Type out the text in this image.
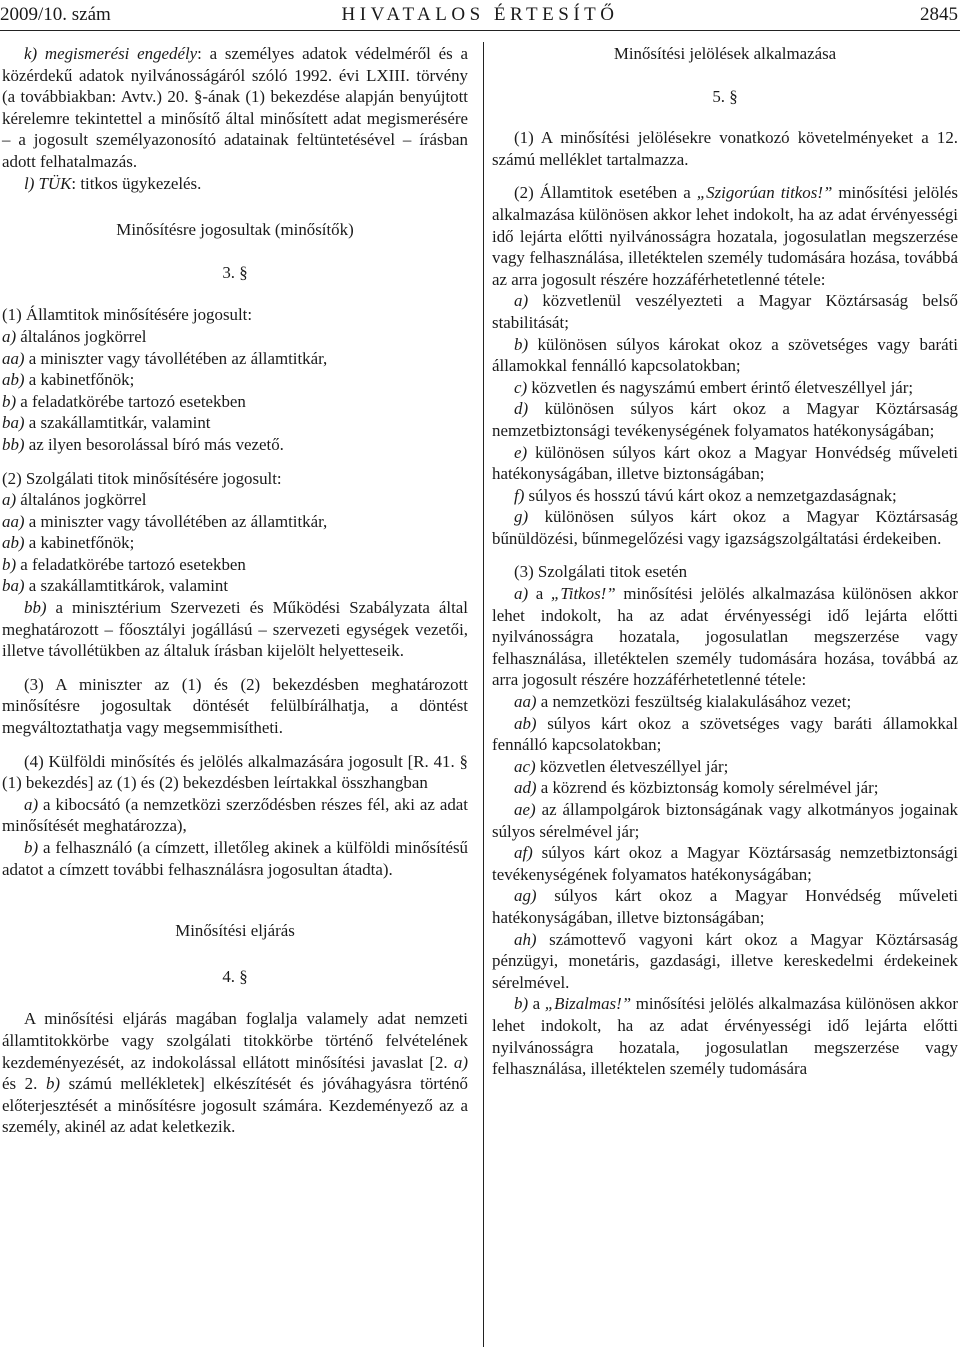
2009/10. szám	HIVATALOS ÉRTESÍTŐ	2845

k) megismerési engedély: a személyes adatok védelméről és a közérdekű adatok nyilvánosságáról szóló 1992. évi LXIII. törvény (a továbbiakban: Avtv.) 20. §-ának (1) bekezdése alapján benyújtott kérelemre tekintettel a minősítő által minősített adat megismerésére – a jogosult személyazonosító adatainak feltüntetésével – írásban adott felhatalmazás.

l) TÜK: titkos ügykezelés.

Minősítésre jogosultak (minősítők)

3. §

(1) Államtitok minősítésére jogosult:

a) általános jogkörrel

aa) a miniszter vagy távollétében az államtitkár,

ab) a kabinetfőnök;

b) a feladatkörébe tartozó esetekben

ba) a szakállamtitkár, valamint

bb) az ilyen besorolással bíró más vezető.

(2) Szolgálati titok minősítésére jogosult:

a) általános jogkörrel

aa) a miniszter vagy távollétében az államtitkár,

ab) a kabinetfőnök;

b) a feladatkörébe tartozó esetekben

ba) a szakállamtitkárok, valamint

bb) a minisztérium Szervezeti és Működési Szabályzata által meghatározott – főosztályi jogállású – szervezeti egységek vezetői, illetve távollétükben az általuk írásban kijelölt helyetteseik.

(3) A miniszter az (1) és (2) bekezdésben meghatározott minősítésre jogosultak döntését felülbírálhatja, a döntést megváltoztathatja vagy megsemmisítheti.

(4) Külföldi minősítés és jelölés alkalmazására jogosult [R. 41. § (1) bekezdés] az (1) és (2) bekezdésben leírtakkal összhangban

a) a kibocsátó (a nemzetközi szerződésben részes fél, aki az adat minősítését meghatározza),

b) a felhasználó (a címzett, illetőleg akinek a külföldi minősítésű adatot a címzett további felhasználásra jogosultan átadta).

Minősítési eljárás

4. §

A minősítési eljárás magában foglalja valamely adat nemzeti államtitokkörbe vagy szolgálati titokkörbe történő felvételének kezdeményezését, az indokolással ellátott minősítési javaslat [2. a) és 2. b) számú mellékletek] elkészítését és jóváhagyásra történő előterjesztését a minősítésre jogosult számára. Kezdeményező az a személy, akinél az adat keletkezik.

Minősítési jelölések alkalmazása

5. §

(1) A minősítési jelölésekre vonatkozó követelményeket a 12. számú melléklet tartalmazza.

(2) Államtitok esetében a „Szigorúan titkos!” minősítési jelölés alkalmazása különösen akkor lehet indokolt, ha az adat érvényességi idő lejárta előtti nyilvánosságra hozatala, jogosulatlan megszerzése vagy felhasználása, illetéktelen személy tudomására hozása, továbbá az arra jogosult részére hozzáférhetetlenné tétele:

a) közvetlenül veszélyezteti a Magyar Köztársaság belső stabilitását;

b) különösen súlyos károkat okoz a szövetséges vagy baráti államokkal fennálló kapcsolatokban;

c) közvetlen és nagyszámú embert érintő életveszéllyel jár;

d) különösen súlyos kárt okoz a Magyar Köztársaság nemzetbiztonsági tevékenységének folyamatos hatékonyságában;

e) különösen súlyos kárt okoz a Magyar Honvédség műveleti hatékonyságában, illetve biztonságában;

f) súlyos és hosszú távú kárt okoz a nemzetgazdaságnak;

g) különösen súlyos kárt okoz a Magyar Köztársaság bűnüldözési, bűnmegelőzési vagy igazságszolgáltatási érdekeiben.

(3) Szolgálati titok esetén

a) a „Titkos!” minősítési jelölés alkalmazása különösen akkor lehet indokolt, ha az adat érvényességi idő lejárta előtti nyilvánosságra hozatala, jogosulatlan megszerzése vagy felhasználása, illetéktelen személy tudomására hozása, továbbá az arra jogosult részére hozzáférhetetlenné tétele:

aa) a nemzetközi feszültség kialakulásához vezet;

ab) súlyos kárt okoz a szövetséges vagy baráti államokkal fennálló kapcsolatokban;

ac) közvetlen életveszéllyel jár;

ad) a közrend és közbiztonság komoly sérelmével jár;

ae) az állampolgárok biztonságának vagy alkotmányos jogainak súlyos sérelmével jár;

af) súlyos kárt okoz a Magyar Köztársaság nemzetbiztonsági tevékenységének folyamatos hatékonyságában;

ag) súlyos kárt okoz a Magyar Honvédség műveleti hatékonyságában, illetve biztonságában;

ah) számottevő vagyoni kárt okoz a Magyar Köztársaság pénzügyi, monetáris, gazdasági, illetve kereskedelmi érdekeinek sérelmével.

b) a „Bizalmas!” minősítési jelölés alkalmazása különösen akkor lehet indokolt, ha az adat érvényességi idő lejárta előtti nyilvánosságra hozatala, jogosulatlan megszerzése vagy felhasználása, illetéktelen személy tudomására
